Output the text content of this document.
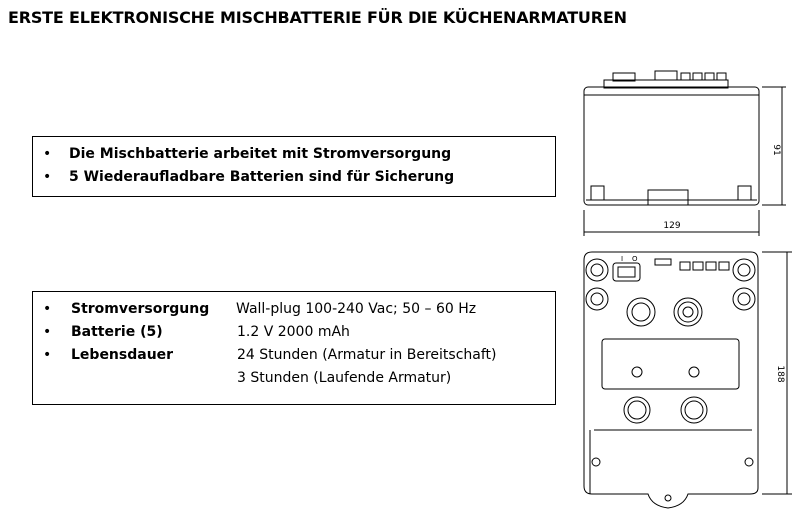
ERSTE ELEKTRONISCHE MISCHBATTERIE FÜR DIE KÜCHENARMATUREN
• Die Mischbatterie arbeitet mit Stromversorgung
• 5 Wiederaufladbare Batterien sind für Sicherung
• Stromversorgung Wall-plug 100-240 Vac; 50 – 60 Hz
• Batterie (5)	1.2 V 2000 mAh
• Lebensdauer	24 Stunden (Armatur in Bereitschaft)
3 Stunden (Laufende Armatur)
91
129
188
I O
